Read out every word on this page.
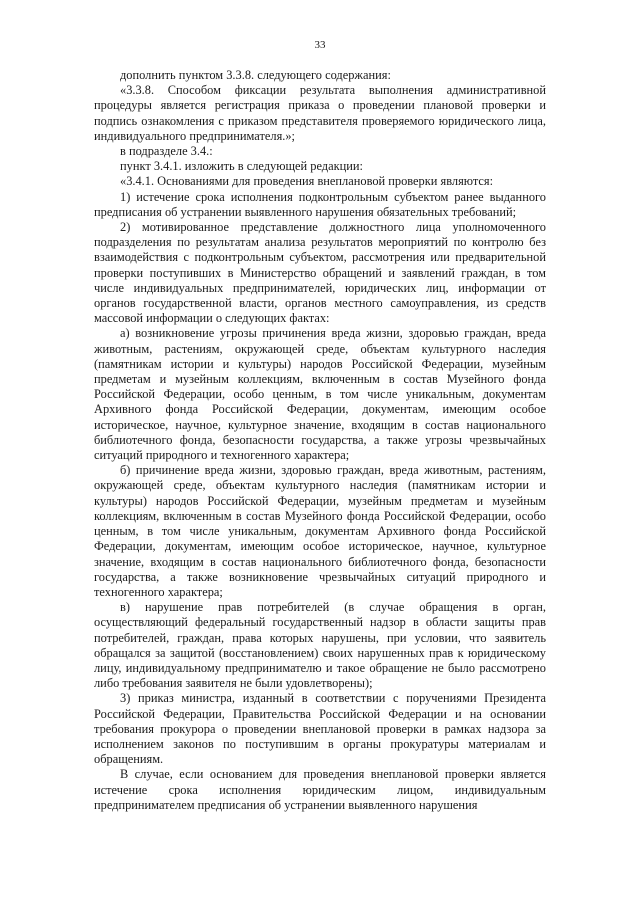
33

дополнить пунктом 3.3.8. следующего содержания:

«3.3.8. Способом фиксации результата выполнения административной процедуры является регистрация приказа о проведении плановой проверки и подпись ознакомления с приказом представителя проверяемого юридического лица, индивидуального предпринимателя.»;

в подразделе 3.4.:

пункт 3.4.1. изложить в следующей редакции:

«3.4.1. Основаниями для проведения внеплановой проверки являются:

1) истечение срока исполнения подконтрольным субъектом ранее выданного предписания об устранении выявленного нарушения обязательных требований;

2) мотивированное представление должностного лица уполномоченного подразделения по результатам анализа результатов мероприятий по контролю без взаимодействия с подконтрольным субъектом, рассмотрения или предварительной проверки поступивших в Министерство обращений и заявлений граждан, в том числе индивидуальных предпринимателей, юридических лиц, информации от органов государственной власти, органов местного самоуправления, из средств массовой информации о следующих фактах:

а) возникновение угрозы причинения вреда жизни, здоровью граждан, вреда животным, растениям, окружающей среде, объектам культурного наследия (памятникам истории и культуры) народов Российской Федерации, музейным предметам и музейным коллекциям, включенным в состав Музейного фонда Российской Федерации, особо ценным, в том числе уникальным, документам Архивного фонда Российской Федерации, документам, имеющим особое историческое, научное, культурное значение, входящим в состав национального библиотечного фонда, безопасности государства, а также угрозы чрезвычайных ситуаций природного и техногенного характера;

б) причинение вреда жизни, здоровью граждан, вреда животным, растениям, окружающей среде, объектам культурного наследия (памятникам истории и культуры) народов Российской Федерации, музейным предметам и музейным коллекциям, включенным в состав Музейного фонда Российской Федерации, особо ценным, в том числе уникальным, документам Архивного фонда Российской Федерации, документам, имеющим особое историческое, научное, культурное значение, входящим в состав национального библиотечного фонда, безопасности государства, а также возникновение чрезвычайных ситуаций природного и техногенного характера;

в) нарушение прав потребителей (в случае обращения в орган, осуществляющий федеральный государственный надзор в области защиты прав потребителей, граждан, права которых нарушены, при условии, что заявитель обращался за защитой (восстановлением) своих нарушенных прав к юридическому лицу, индивидуальному предпринимателю и такое обращение не было рассмотрено либо требования заявителя не были удовлетворены);

3) приказ министра, изданный в соответствии с поручениями Президента Российской Федерации, Правительства Российской Федерации и на основании требования прокурора о проведении внеплановой проверки в рамках надзора за исполнением законов по поступившим в органы прокуратуры материалам и обращениям.

В случае, если основанием для проведения внеплановой проверки является истечение срока исполнения юридическим лицом, индивидуальным предпринимателем предписания об устранении выявленного нарушения
